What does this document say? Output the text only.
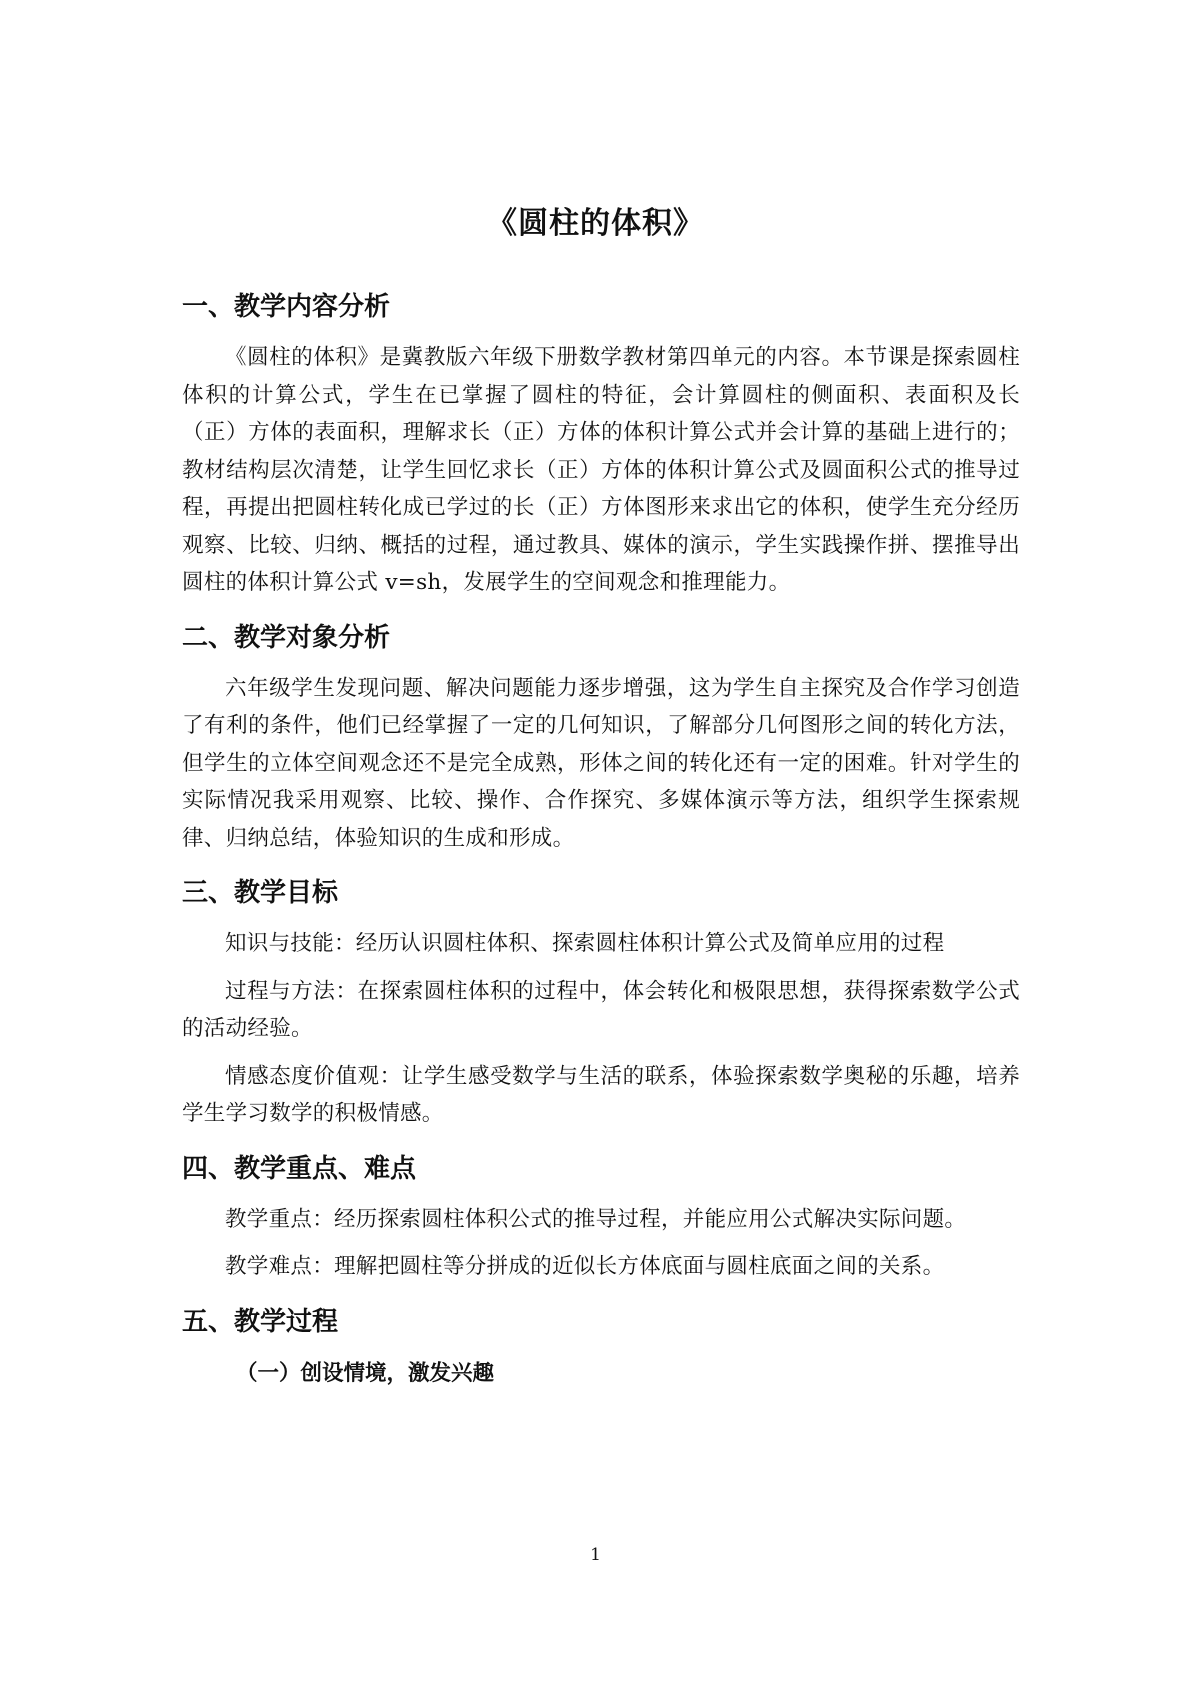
《圆柱的体积》
一、教学内容分析

《圆柱的体积》是冀教版六年级下册数学教材第四单元的内容。本节课是探索圆柱体积的计算公式，学生在已掌握了圆柱的特征，会计算圆柱的侧面积、表面积及长（正）方体的表面积，理解求长（正）方体的体积计算公式并会计算的基础上进行的；教材结构层次清楚，让学生回忆求长（正）方体的体积计算公式及圆面积公式的推导过程，再提出把圆柱转化成已学过的长（正）方体图形来求出它的体积，使学生充分经历观察、比较、归纳、概括的过程，通过教具、媒体的演示，学生实践操作拼、摆推导出圆柱的体积计算公式 v=sh，发展学生的空间观念和推理能力。

二、教学对象分析

六年级学生发现问题、解决问题能力逐步增强，这为学生自主探究及合作学习创造了有利的条件，他们已经掌握了一定的几何知识，了解部分几何图形之间的转化方法，但学生的立体空间观念还不是完全成熟，形体之间的转化还有一定的困难。针对学生的实际情况我采用观察、比较、操作、合作探究、多媒体演示等方法，组织学生探索规律、归纳总结，体验知识的生成和形成。

三、教学目标

知识与技能：经历认识圆柱体积、探索圆柱体积计算公式及简单应用的过程

过程与方法：在探索圆柱体积的过程中，体会转化和极限思想，获得探索数学公式的活动经验。

情感态度价值观：让学生感受数学与生活的联系，体验探索数学奥秘的乐趣，培养学生学习数学的积极情感。

四、教学重点、难点

教学重点：经历探索圆柱体积公式的推导过程，并能应用公式解决实际问题。

教学难点：理解把圆柱等分拼成的近似长方体底面与圆柱底面之间的关系。

五、教学过程
（一）创设情境，激发兴趣
1
